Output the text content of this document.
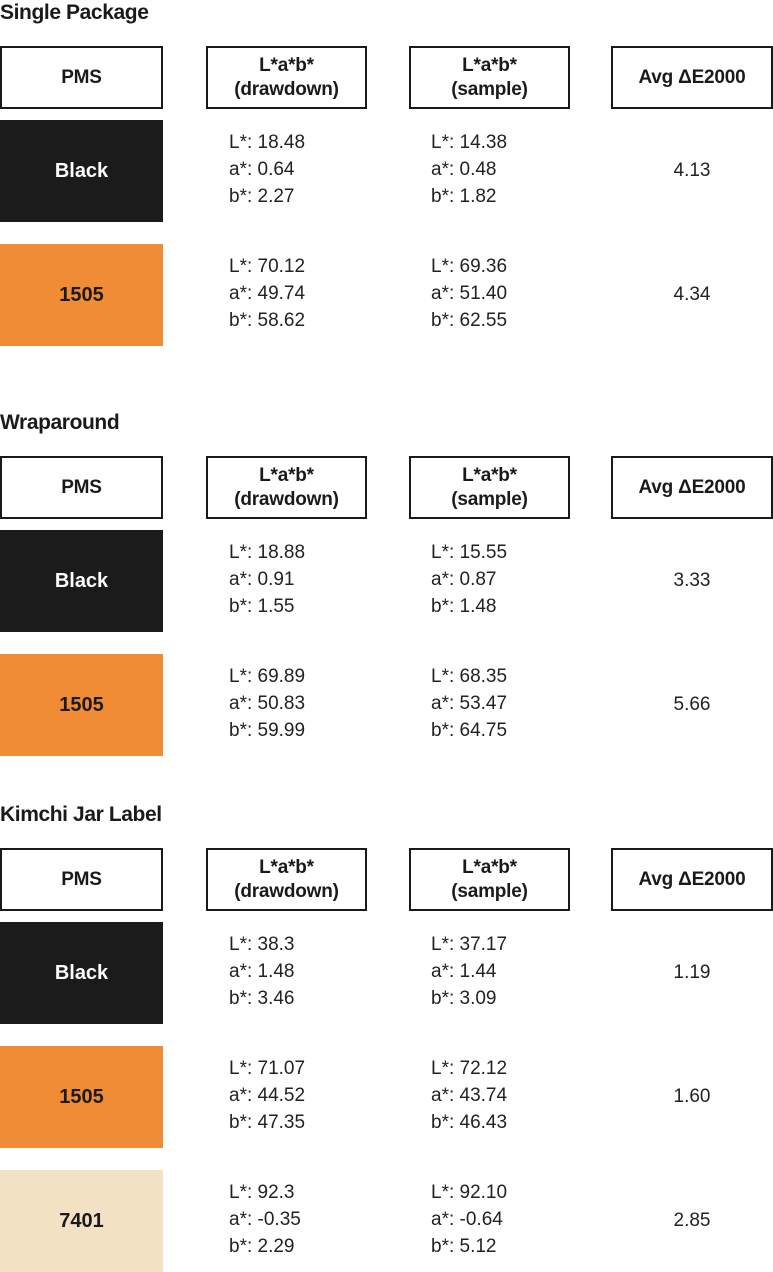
Single Package
PMS
L*a*b*
(drawdown)
L*a*b*
(sample)
Avg ΔE2000
Black
L*: 18.48
a*: 0.64
b*: 2.27
L*: 14.38
a*: 0.48
b*: 1.82
4.13
1505
L*: 70.12
a*: 49.74
b*: 58.62
L*: 69.36
a*: 51.40
b*: 62.55
4.34
Wraparound
PMS
L*a*b*
(drawdown)
L*a*b*
(sample)
Avg ΔE2000
Black
L*: 18.88
a*: 0.91
b*: 1.55
L*: 15.55
a*: 0.87
b*: 1.48
3.33
1505
L*: 69.89
a*: 50.83
b*: 59.99
L*: 68.35
a*: 53.47
b*: 64.75
5.66
Kimchi Jar Label
PMS
L*a*b*
(drawdown)
L*a*b*
(sample)
Avg ΔE2000
Black
L*: 38.3
a*: 1.48
b*: 3.46
L*: 37.17
a*: 1.44
b*: 3.09
1.19
1505
L*: 71.07
a*: 44.52
b*: 47.35
L*: 72.12
a*: 43.74
b*: 46.43
1.60
7401
L*: 92.3
a*: -0.35
b*: 2.29
L*: 92.10
a*: -0.64
b*: 5.12
2.85
